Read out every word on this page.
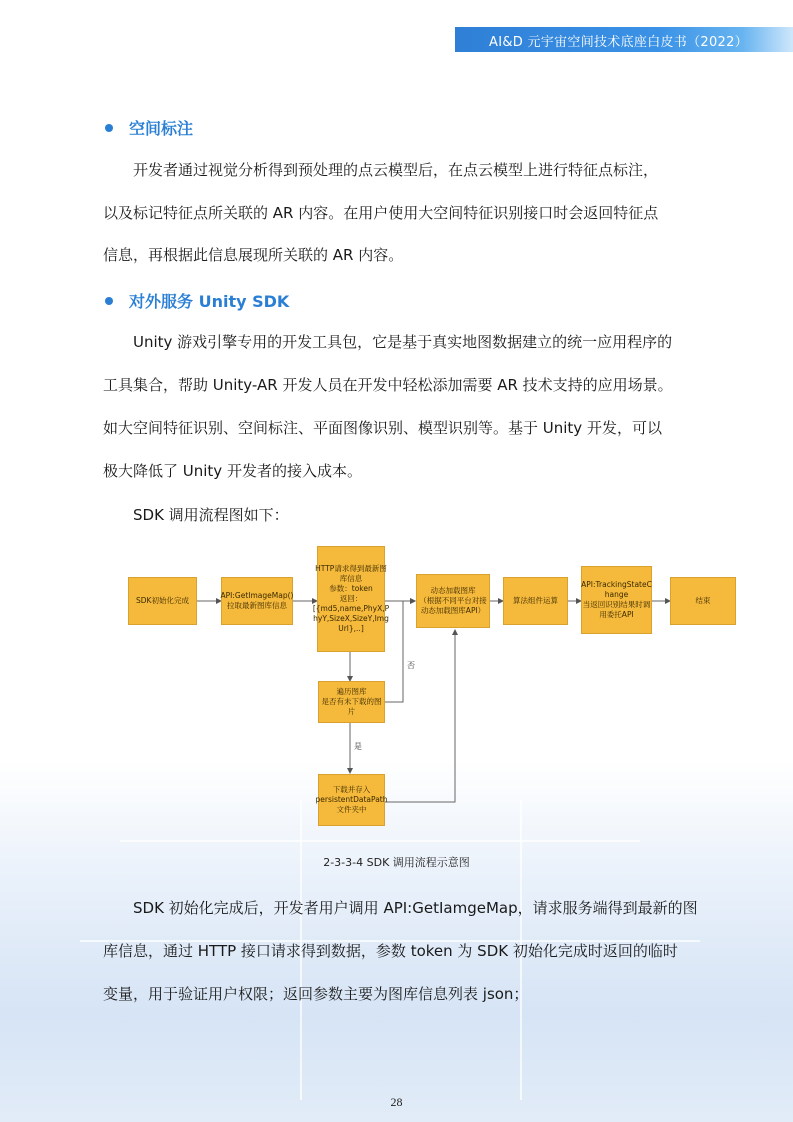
AI&D 元宇宙空间技术底座白皮书（2022）
空间标注
开发者通过视觉分析得到预处理的点云模型后，在点云模型上进行特征点标注，
以及标记特征点所关联的 AR 内容。在用户使用大空间特征识别接口时会返回特征点
信息，再根据此信息展现所关联的 AR 内容。
对外服务 Unity SDK
Unity 游戏引擎专用的开发工具包，它是基于真实地图数据建立的统一应用程序的
工具集合，帮助 Unity-AR 开发人员在开发中轻松添加需要 AR 技术支持的应用场景。
如大空间特征识别、空间标注、平面图像识别、模型识别等。基于 Unity 开发，可以
极大降低了 Unity 开发者的接入成本。
SDK 调用流程图如下：
SDK初始化完成
API:GetImageMap()
拉取最新图库信息
HTTP请求得到最新图
库信息
参数：token
返回：
[{md5,name,PhyX,P
hyY,SizeX,SizeY,Img
Url},..]
动态加载图库
（根据不同平台对接
动态加载图库API）
算法组件运算
API:TrackingStateC
hange
当返回识别结果时调
用委托API
结束
遍历图库
是否有未下载的图片
下载并存入
persistentDataPath
文件夹中
否
是
2-3-3-4 SDK 调用流程示意图
SDK 初始化完成后，开发者用户调用 API:GetIamgeMap，请求服务端得到最新的图
库信息，通过 HTTP 接口请求得到数据，参数 token 为 SDK 初始化完成时返回的临时
变量，用于验证用户权限；返回参数主要为图库信息列表 json；
28
